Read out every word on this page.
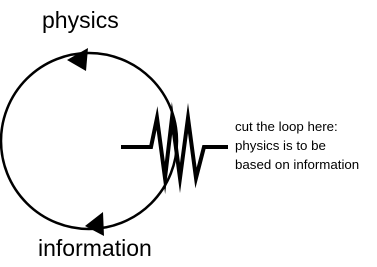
physics
information
cut the loop here:
physics is to be
based on information
